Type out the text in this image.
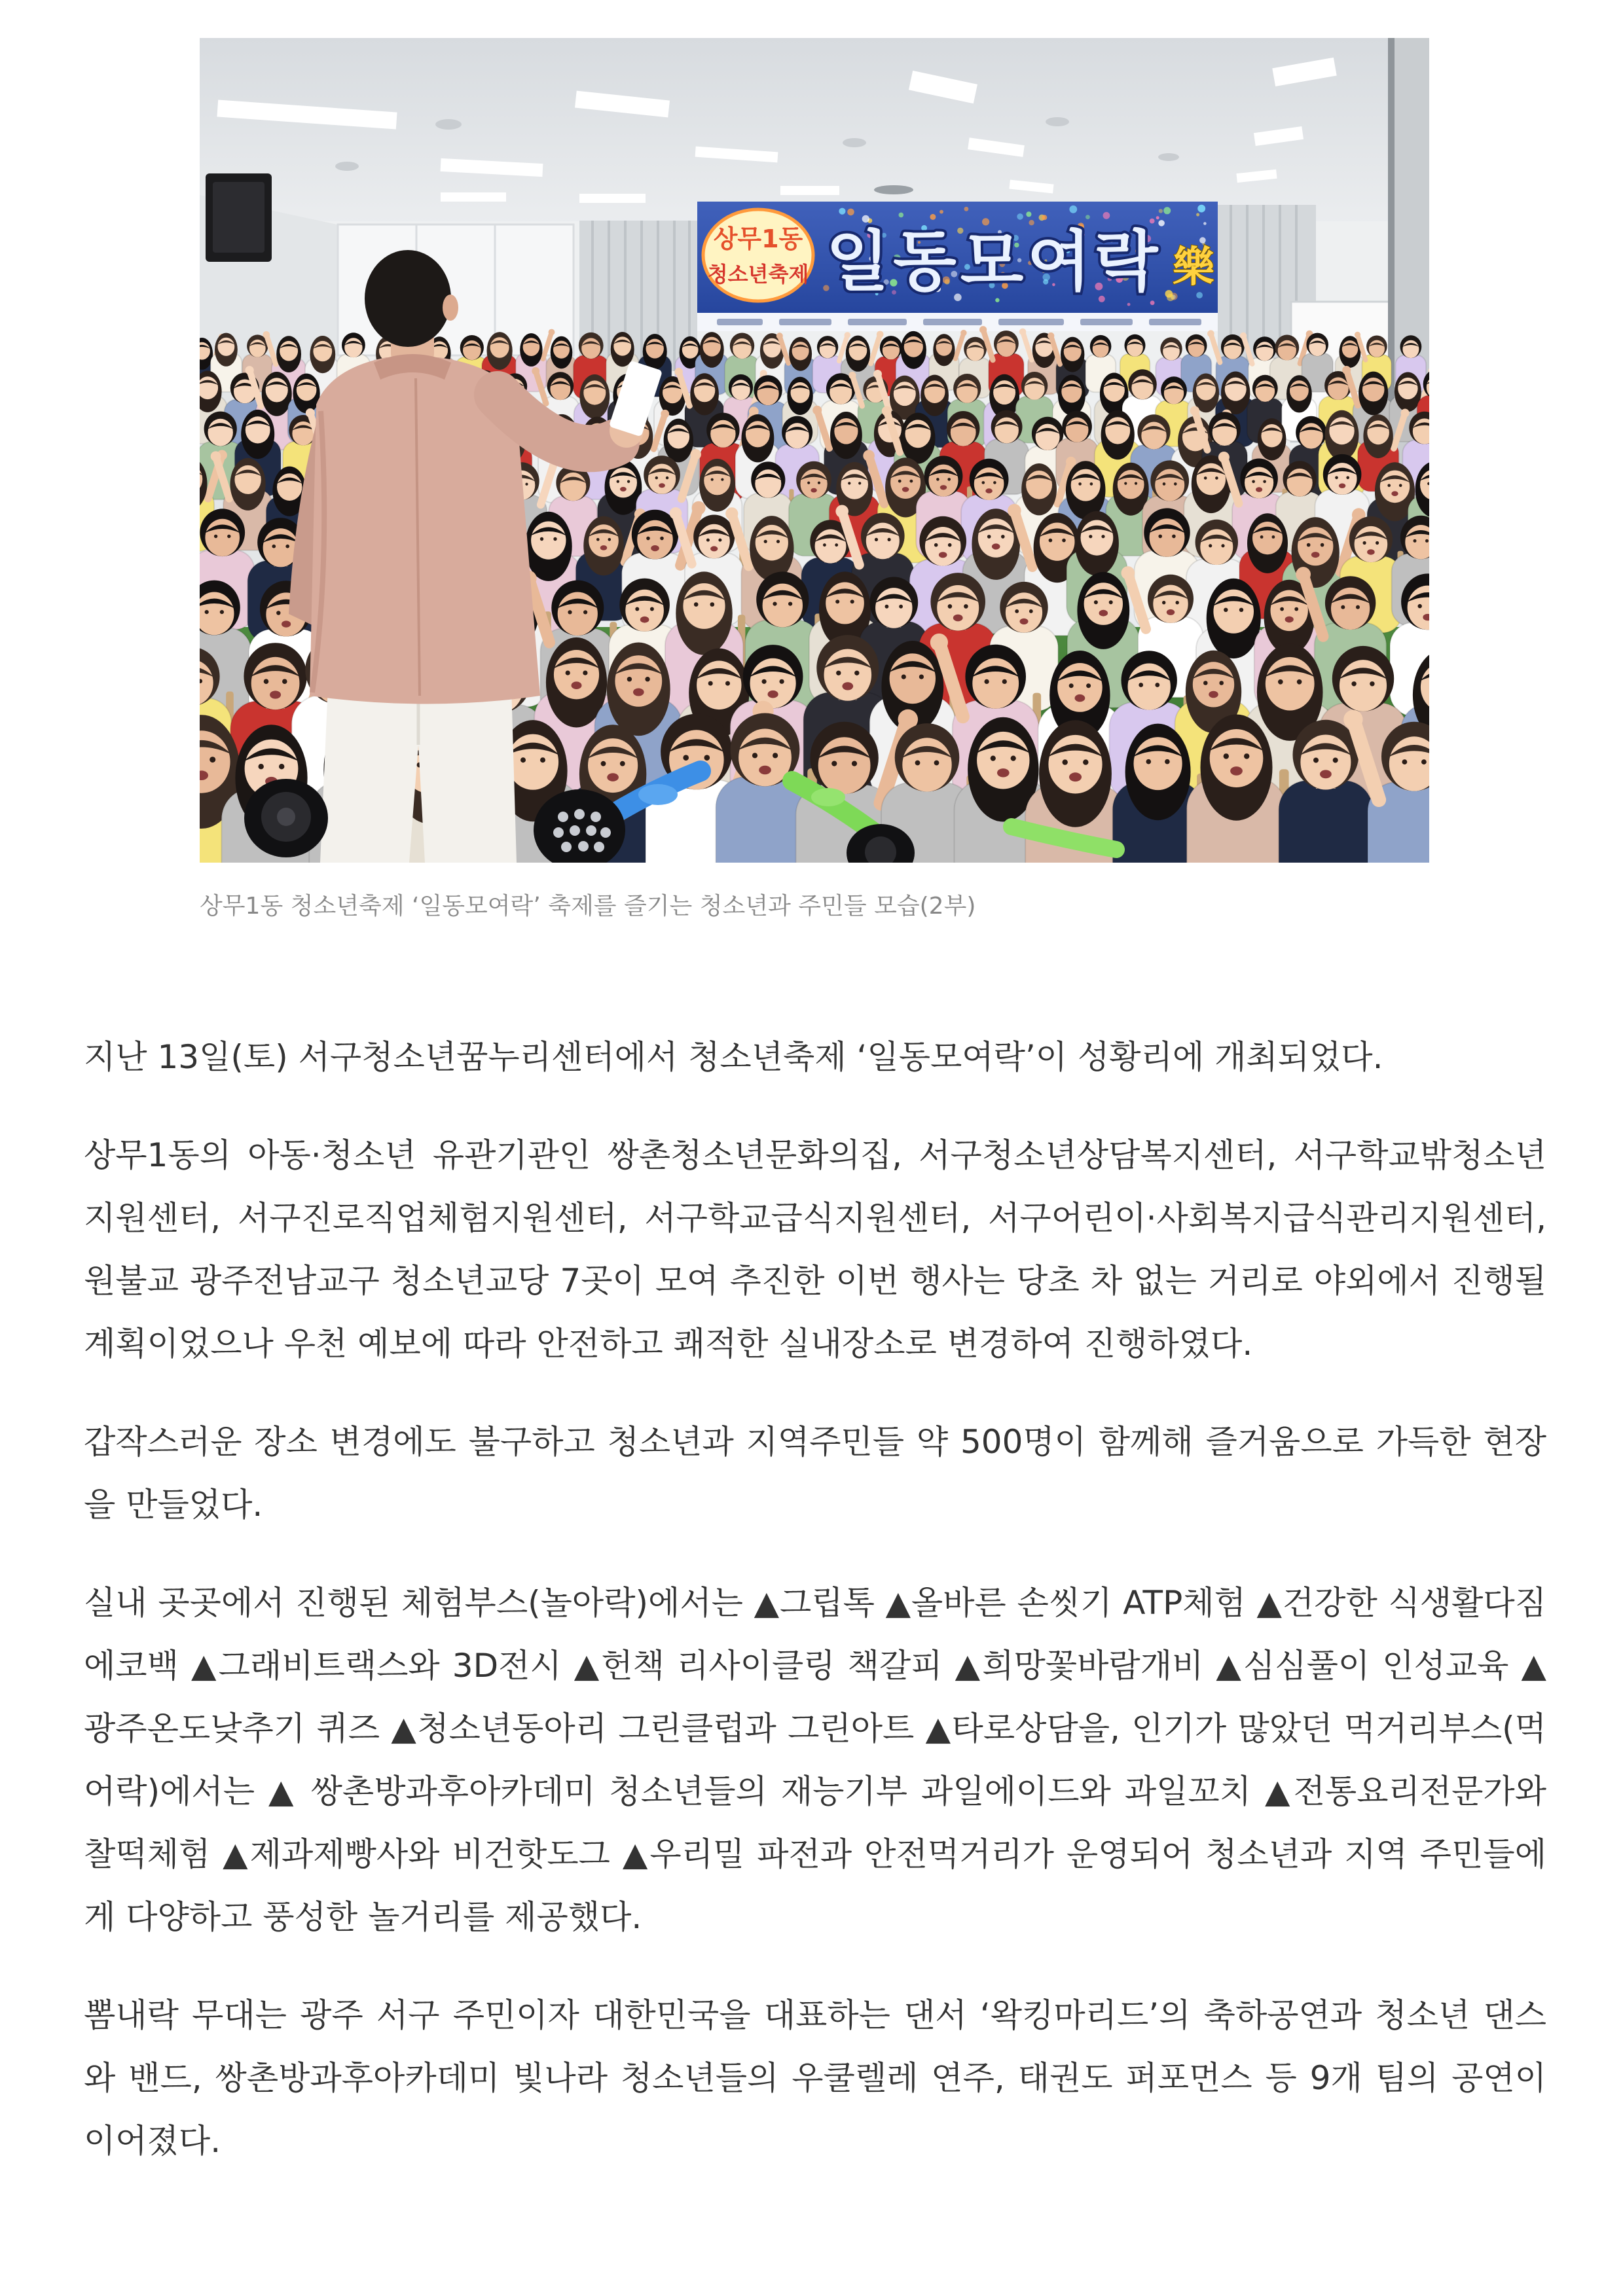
상무1동
청소년축제 일동모여락 樂

상무1동 청소년축제 ‘일동모여락’ 축제를 즐기는 청소년과 주민들 모습(2부)

지난 13일(토) 서구청소년꿈누리센터에서 청소년축제 ‘일동모여락’이 성황리에 개최되었다.

상무1동의 아동·청소년 유관기관인 쌍촌청소년문화의집, 서구청소년상담복지센터, 서구학교밖청소년지원센터, 서구진로직업체험지원센터, 서구학교급식지원센터, 서구어린이·사회복지급식관리지원센터, 원불교 광주전남교구 청소년교당 7곳이 모여 추진한 이번 행사는 당초 차 없는 거리로 야외에서 진행될 계획이었으나 우천 예보에 따라 안전하고 쾌적한 실내장소로 변경하여 진행하였다.

갑작스러운 장소 변경에도 불구하고 청소년과 지역주민들 약 500명이 함께해 즐거움으로 가득한 현장을 만들었다.

실내 곳곳에서 진행된 체험부스(놀아락)에서는 ▲그립톡 ▲올바른 손씻기 ATP체험 ▲건강한 식생활다짐 에코백 ▲그래비트랙스와 3D전시 ▲헌책 리사이클링 책갈피 ▲희망꽃바람개비 ▲심심풀이 인성교육 ▲광주온도낮추기 퀴즈 ▲청소년동아리 그린클럽과 그린아트 ▲타로상담을, 인기가 많았던 먹거리부스(먹어락)에서는 ▲ 쌍촌방과후아카데미 청소년들의 재능기부 과일에이드와 과일꼬치 ▲전통요리전문가와 찰떡체험 ▲제과제빵사와 비건핫도그 ▲우리밀 파전과 안전먹거리가 운영되어 청소년과 지역 주민들에게 다양하고 풍성한 놀거리를 제공했다.

뽐내락 무대는 광주 서구 주민이자 대한민국을 대표하는 댄서 ‘왁킹마리드’의 축하공연과 청소년 댄스와 밴드, 쌍촌방과후아카데미 빛나라 청소년들의 우쿨렐레 연주, 태권도 퍼포먼스 등 9개 팀의 공연이 이어졌다.
